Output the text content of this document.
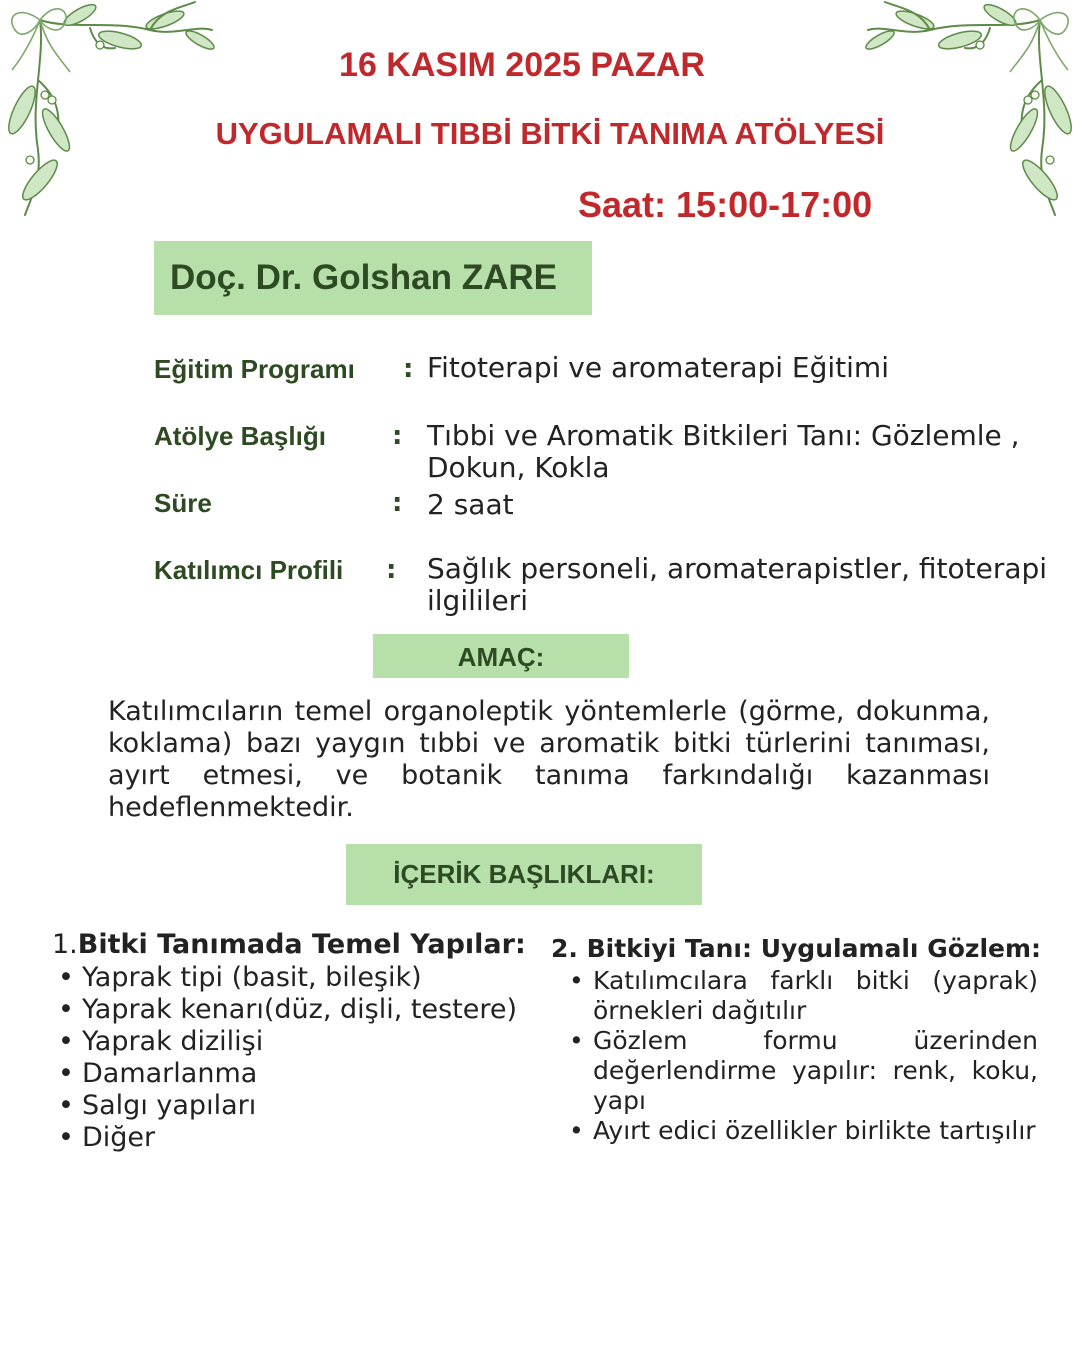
16 KASIM 2025 PAZAR
UYGULAMALI TIBBİ BİTKİ TANIMA ATÖLYESİ
Saat: 15:00-17:00
Doç. Dr. Golshan ZARE
Eğitim Programı : Fitoterapi ve aromaterapi Eğitimi
Atölye Başlığı	: Tıbbi ve Aromatik Bitkileri Tanı: Gözlemle , Dokun, Kokla
Süre	: 2 saat
Katılımcı Profili : Sağlık personeli, aromaterapistler, fitoterapi ilgilileri
AMAÇ:
Katılımcıların temel organoleptik yöntemlerle (görme, dokunma, koklama) bazı yaygın tıbbi ve aromatik bitki türlerini tanıması, ayırt etmesi, ve botanik tanıma farkındalığı kazanması hedeflenmektedir.
İÇERİK BAŞLIKLARI:
1.Bitki Tanımada Temel Yapılar:
• Yaprak tipi (basit, bileşik)
• Yaprak kenarı(düz, dişli, testere)
• Yaprak dizilişi
• Damarlanma
• Salgı yapıları
• Diğer
2. Bitkiyi Tanı: Uygulamalı Gözlem:
• Katılımcılara farklı bitki (yaprak) örnekleri dağıtılır
• Gözlem formu üzerinden değerlendirme yapılır: renk, koku, yapı
• Ayırt edici özellikler birlikte tartışılır
